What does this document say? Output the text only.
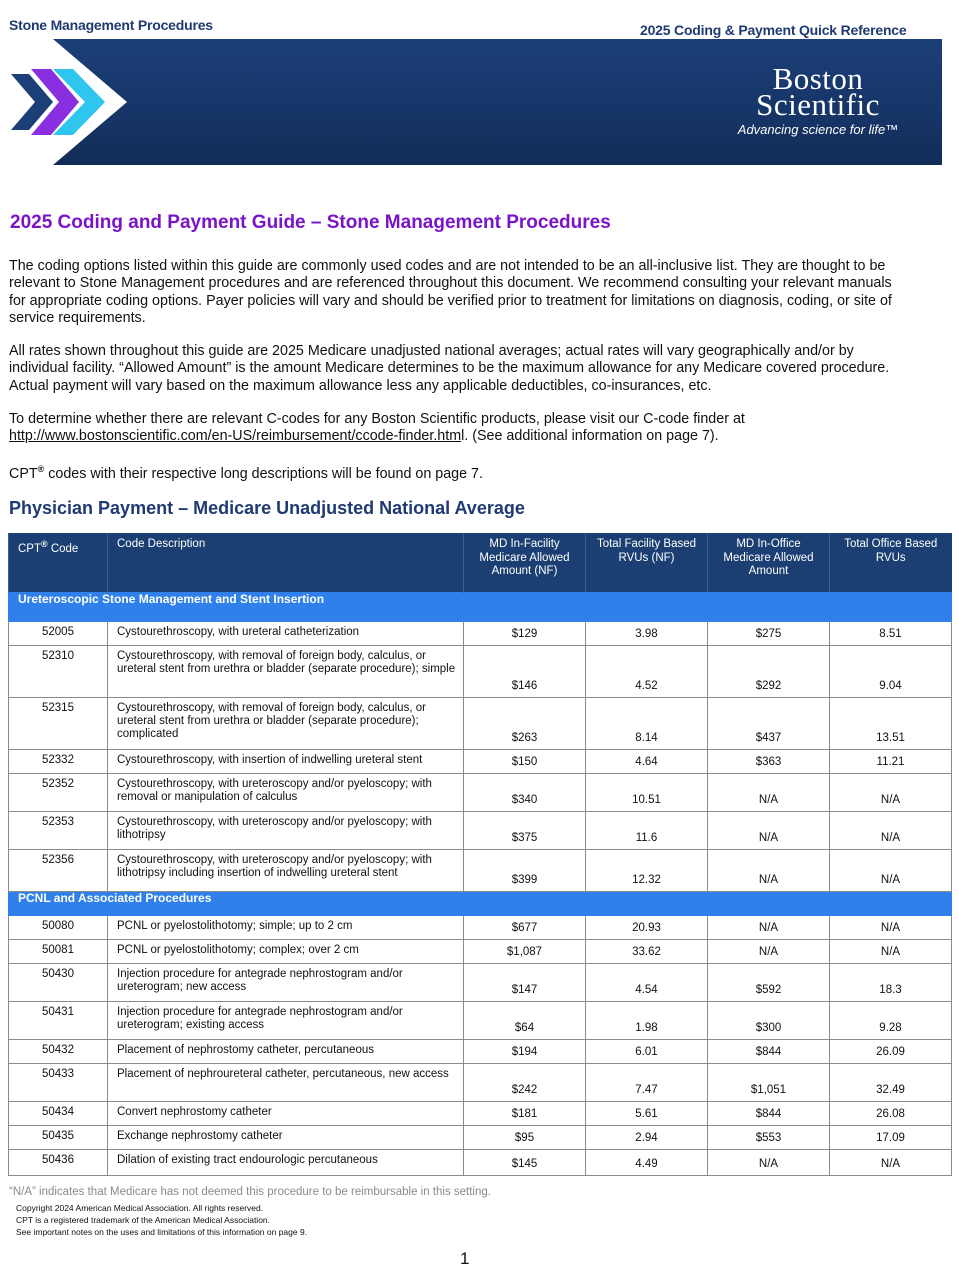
Stone Management Procedures	2025 Coding & Payment Quick Reference
Boston
Scientific
Advancing science for life™
2025 Coding and Payment Guide – Stone Management Procedures

The coding options listed within this guide are commonly used codes and are not intended to be an all-inclusive list. They are thought to be relevant to Stone Management procedures and are referenced throughout this document. We recommend consulting your relevant manuals for appropriate coding options. Payer policies will vary and should be verified prior to treatment for limitations on diagnosis, coding, or site of service requirements.

All rates shown throughout this guide are 2025 Medicare unadjusted national averages; actual rates will vary geographically and/or by individual facility. “Allowed Amount” is the amount Medicare determines to be the maximum allowance for any Medicare covered procedure. Actual payment will vary based on the maximum allowance less any applicable deductibles, co-insurances, etc.

To determine whether there are relevant C-codes for any Boston Scientific products, please visit our C-code finder at
http://www.bostonscientific.com/en-US/reimbursement/ccode-finder.html. (See additional information on page 7).

CPT® codes with their respective long descriptions will be found on page 7.

Physician Payment – Medicare Unadjusted National Average
CPT® Code	Code Description	MD In-Facility Medicare Allowed Amount (NF)	Total Facility Based RVUs (NF)	MD In-Office Medicare Allowed Amount	Total Office Based RVUs
Ureteroscopic Stone Management and Stent Insertion					
52005	Cystourethroscopy, with ureteral catheterization	$129	3.98	$275	8.51
52310	Cystourethroscopy, with removal of foreign body, calculus, or ureteral stent from urethra or bladder (separate procedure); simple	$146	4.52	$292	9.04
52315	Cystourethroscopy, with removal of foreign body, calculus, or ureteral stent from urethra or bladder (separate procedure); complicated	$263	8.14	$437	13.51
52332	Cystourethroscopy, with insertion of indwelling ureteral stent	$150	4.64	$363	11.21
52352	Cystourethroscopy, with ureteroscopy and/or pyeloscopy; with removal or manipulation of calculus	$340	10.51	N/A	N/A
52353	Cystourethroscopy, with ureteroscopy and/or pyeloscopy; with lithotripsy	$375	11.6	N/A	N/A
52356	Cystourethroscopy, with ureteroscopy and/or pyeloscopy; with lithotripsy including insertion of indwelling ureteral stent	$399	12.32	N/A	N/A
PCNL and Associated Procedures					
50080	PCNL or pyelostolithotomy; simple; up to 2 cm	$677	20.93	N/A	N/A
50081	PCNL or pyelostolithotomy; complex; over 2 cm	$1,087	33.62	N/A	N/A
50430	Injection procedure for antegrade nephrostogram and/or ureterogram; new access	$147	4.54	$592	18.3
50431	Injection procedure for antegrade nephrostogram and/or ureterogram; existing access	$64	1.98	$300	9.28
50432	Placement of nephrostomy catheter, percutaneous	$194	6.01	$844	26.09
50433	Placement of nephroureteral catheter, percutaneous, new access	$242	7.47	$1,051	32.49
50434	Convert nephrostomy catheter	$181	5.61	$844	26.08
50435	Exchange nephrostomy catheter	$95	2.94	$553	17.09
50436	Dilation of existing tract endourologic percutaneous	$145	4.49	N/A	N/A
“N/A” indicates that Medicare has not deemed this procedure to be reimbursable in this setting.
Copyright 2024 American Medical Association. All rights reserved.
CPT is a registered trademark of the American Medical Association.
See important notes on the uses and limitations of this information on page 9.
1
